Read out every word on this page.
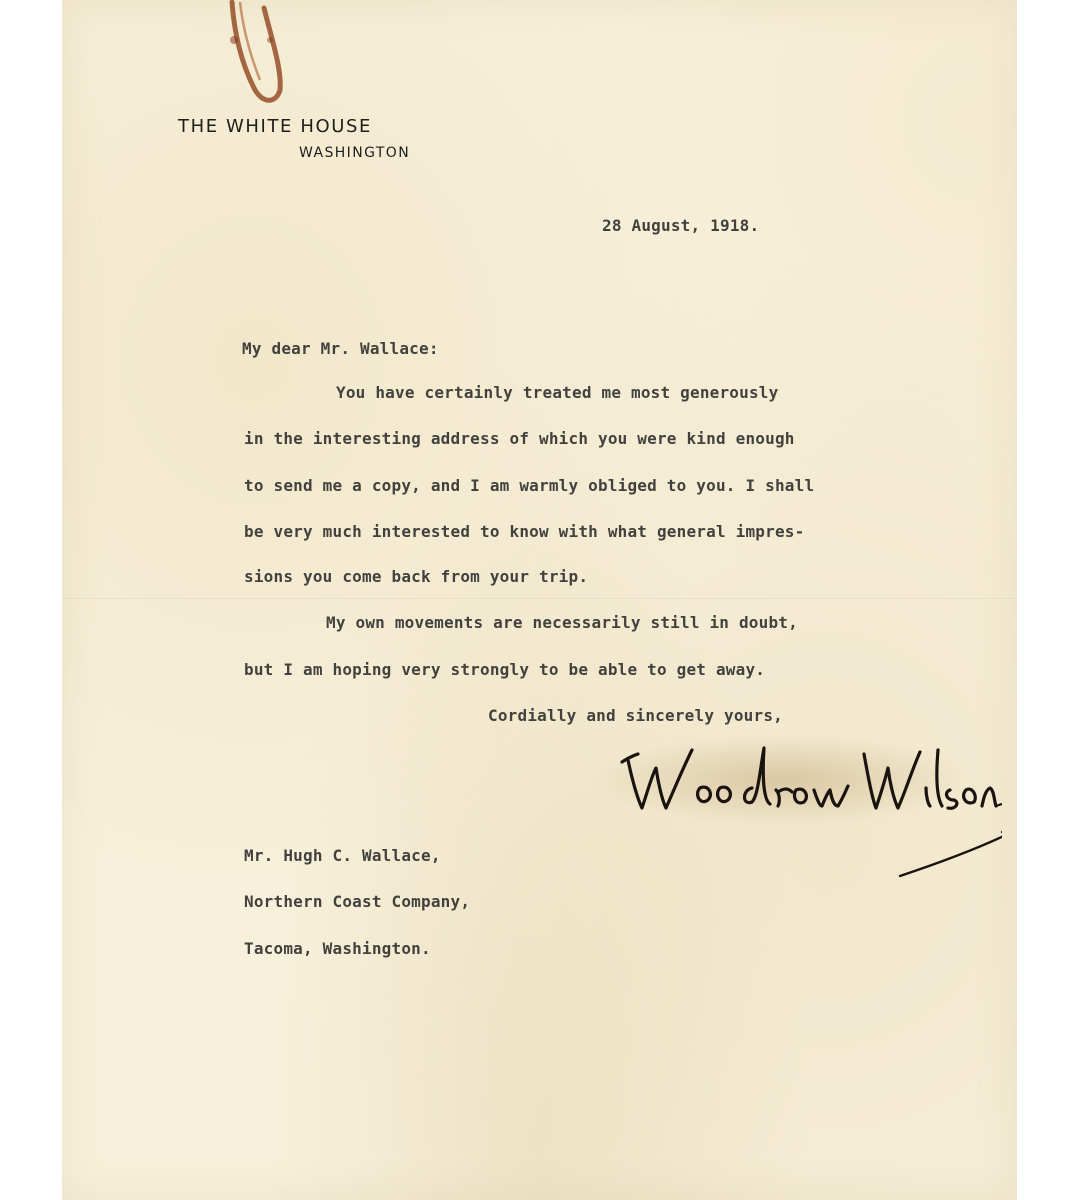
THE WHITE HOUSE
WASHINGTON
28 August, 1918.
My dear Mr. Wallace:
You have certainly treated me most generously
in the interesting address of which you were kind enough
to send me a copy, and I am warmly obliged to you. I shall
be very much interested to know with what general impres-
sions you come back from your trip.
My own movements are necessarily still in doubt,
but I am hoping very strongly to be able to get away.
Cordially and sincerely yours,
Mr. Hugh C. Wallace,
Northern Coast Company,
Tacoma, Washington.
